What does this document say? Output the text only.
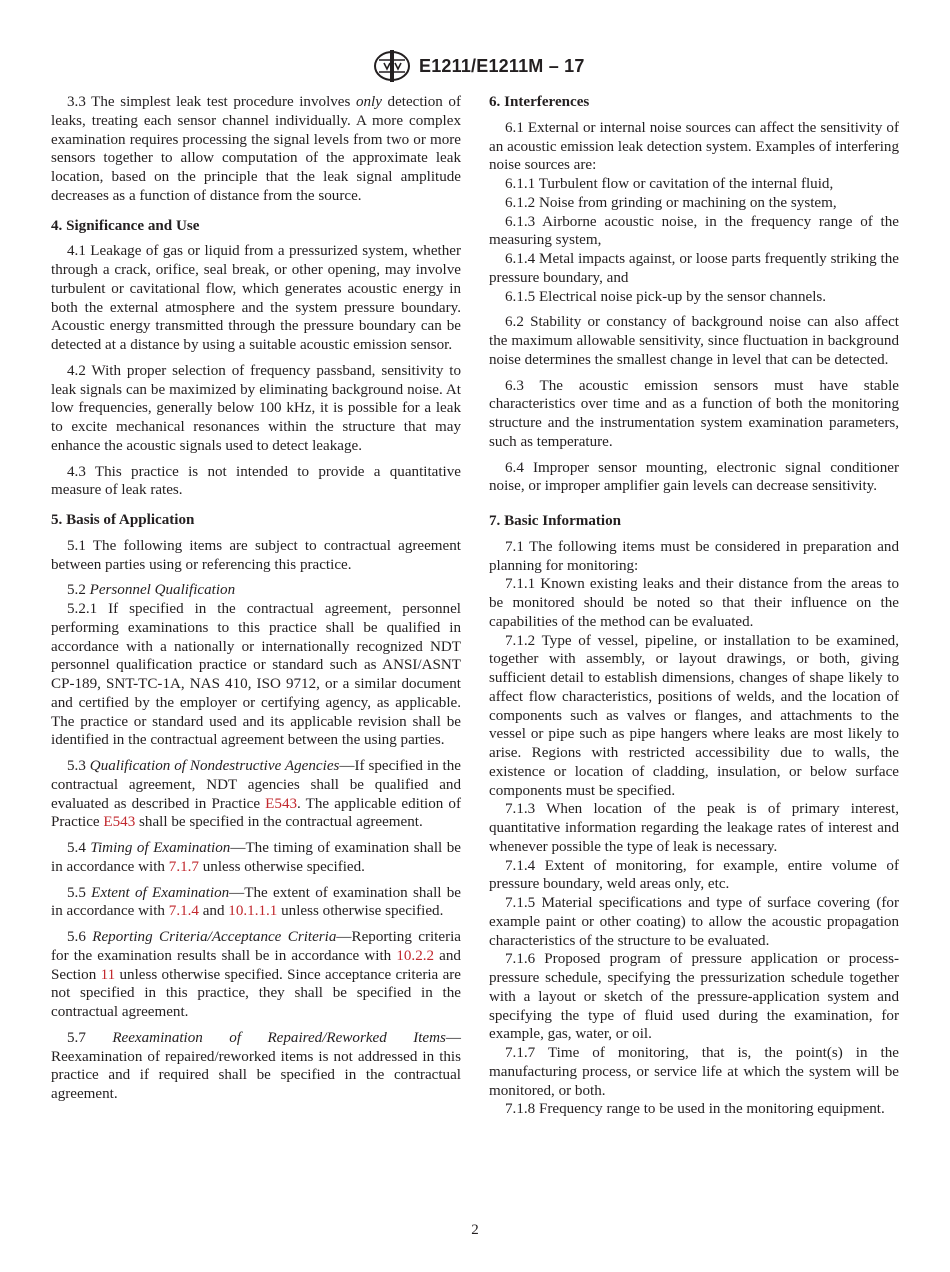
E1211/E1211M – 17

3.3 The simplest leak test procedure involves only detection of leaks, treating each sensor channel individually. A more complex examination requires processing the signal levels from two or more sensors together to allow computation of the approximate leak location, based on the principle that the leak signal amplitude decreases as a function of distance from the source.

4. Significance and Use

4.1 Leakage of gas or liquid from a pressurized system, whether through a crack, orifice, seal break, or other opening, may involve turbulent or cavitational flow, which generates acoustic energy in both the external atmosphere and the system pressure boundary. Acoustic energy transmitted through the pressure boundary can be detected at a distance by using a suitable acoustic emission sensor.

4.2 With proper selection of frequency passband, sensitivity to leak signals can be maximized by eliminating background noise. At low frequencies, generally below 100 kHz, it is possible for a leak to excite mechanical resonances within the structure that may enhance the acoustic signals used to detect leakage.

4.3 This practice is not intended to provide a quantitative measure of leak rates.

5. Basis of Application

5.1 The following items are subject to contractual agreement between parties using or referencing this practice.

5.2 Personnel Qualification

5.2.1 If specified in the contractual agreement, personnel performing examinations to this practice shall be qualified in accordance with a nationally or internationally recognized NDT personnel qualification practice or standard such as ANSI/ASNT CP-189, SNT-TC-1A, NAS 410, ISO 9712, or a similar document and certified by the employer or certifying agency, as applicable. The practice or standard used and its applicable revision shall be identified in the contractual agreement between the using parties.

5.3 Qualification of Nondestructive Agencies—If specified in the contractual agreement, NDT agencies shall be qualified and evaluated as described in Practice E543. The applicable edition of Practice E543 shall be specified in the contractual agreement.

5.4 Timing of Examination—The timing of examination shall be in accordance with 7.1.7 unless otherwise specified.

5.5 Extent of Examination—The extent of examination shall be in accordance with 7.1.4 and 10.1.1.1 unless otherwise specified.

5.6 Reporting Criteria/Acceptance Criteria—Reporting criteria for the examination results shall be in accordance with 10.2.2 and Section 11 unless otherwise specified. Since acceptance criteria are not specified in this practice, they shall be specified in the contractual agreement.

5.7 Reexamination of Repaired/Reworked Items—Reexamination of repaired/reworked items is not addressed in this practice and if required shall be specified in the contractual agreement.

6. Interferences

6.1 External or internal noise sources can affect the sensitivity of an acoustic emission leak detection system. Examples of interfering noise sources are:

6.1.1 Turbulent flow or cavitation of the internal fluid,

6.1.2 Noise from grinding or machining on the system,

6.1.3 Airborne acoustic noise, in the frequency range of the measuring system,

6.1.4 Metal impacts against, or loose parts frequently striking the pressure boundary, and

6.1.5 Electrical noise pick-up by the sensor channels.

6.2 Stability or constancy of background noise can also affect the maximum allowable sensitivity, since fluctuation in background noise determines the smallest change in level that can be detected.

6.3 The acoustic emission sensors must have stable characteristics over time and as a function of both the monitoring structure and the instrumentation system examination parameters, such as temperature.

6.4 Improper sensor mounting, electronic signal conditioner noise, or improper amplifier gain levels can decrease sensitivity.

7. Basic Information

7.1 The following items must be considered in preparation and planning for monitoring:

7.1.1 Known existing leaks and their distance from the areas to be monitored should be noted so that their influence on the capabilities of the method can be evaluated.

7.1.2 Type of vessel, pipeline, or installation to be examined, together with assembly, or layout drawings, or both, giving sufficient detail to establish dimensions, changes of shape likely to affect flow characteristics, positions of welds, and the location of components such as valves or flanges, and attachments to the vessel or pipe such as pipe hangers where leaks are most likely to arise. Regions with restricted accessibility due to walls, the existence or location of cladding, insulation, or below surface components must be specified.

7.1.3 When location of the peak is of primary interest, quantitative information regarding the leakage rates of interest and whenever possible the type of leak is necessary.

7.1.4 Extent of monitoring, for example, entire volume of pressure boundary, weld areas only, etc.

7.1.5 Material specifications and type of surface covering (for example paint or other coating) to allow the acoustic propagation characteristics of the structure to be evaluated.

7.1.6 Proposed program of pressure application or process-pressure schedule, specifying the pressurization schedule together with a layout or sketch of the pressure-application system and specifying the type of fluid used during the examination, for example, gas, water, or oil.

7.1.7 Time of monitoring, that is, the point(s) in the manufacturing process, or service life at which the system will be monitored, or both.

7.1.8 Frequency range to be used in the monitoring equipment.

2
